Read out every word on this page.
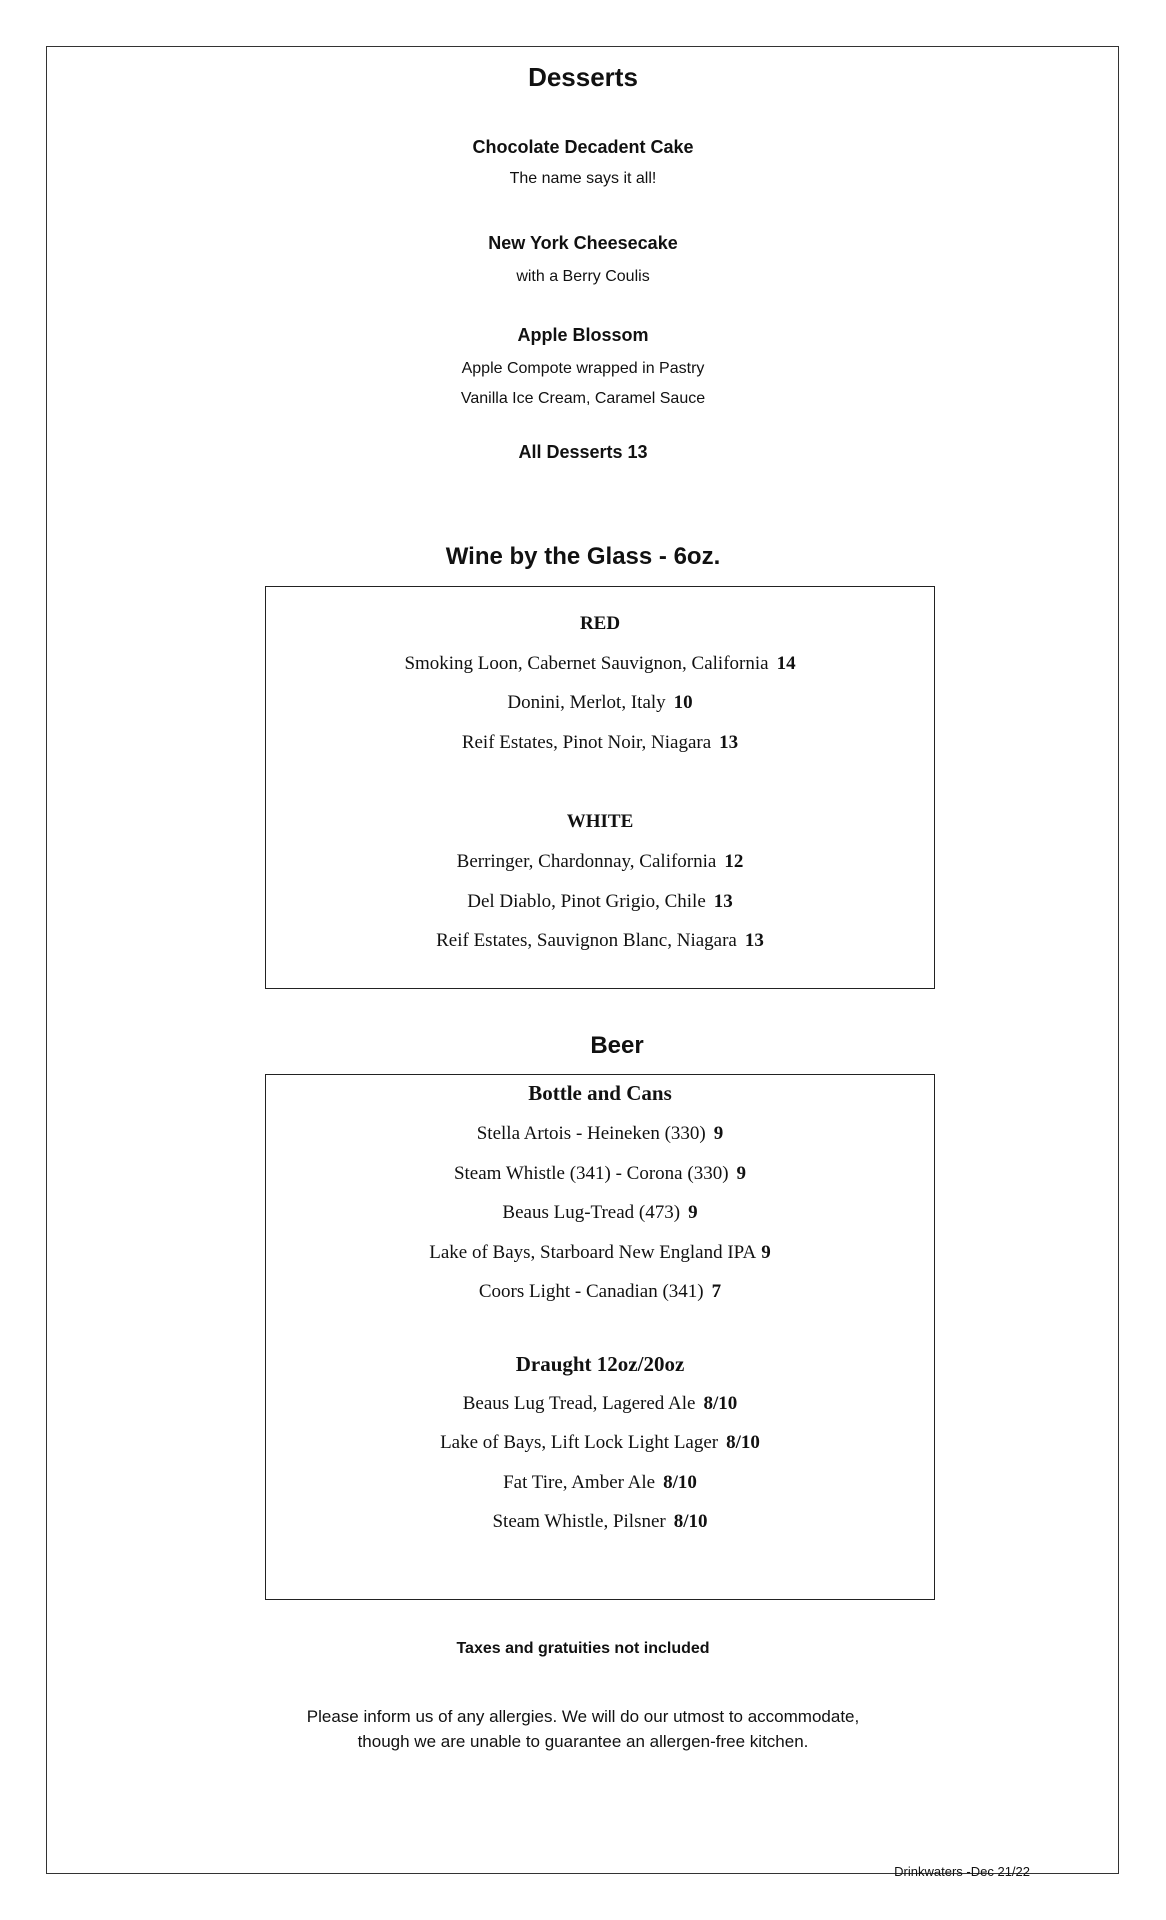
Desserts
Chocolate Decadent Cake
The name says it all!
New York Cheesecake
with a Berry Coulis
Apple Blossom
Apple Compote wrapped in Pastry
Vanilla Ice Cream, Caramel Sauce
All Desserts 13
Wine by the Glass - 6oz.
RED
Smoking Loon, Cabernet Sauvignon, California 14
Donini, Merlot, Italy 10
Reif Estates, Pinot Noir, Niagara 13
WHITE
Berringer, Chardonnay, California 12
Del Diablo, Pinot Grigio, Chile 13
Reif Estates, Sauvignon Blanc, Niagara 13
Beer
Bottle and Cans
Stella Artois - Heineken (330) 9
Steam Whistle (341) - Corona (330) 9
Beaus Lug-Tread (473) 9
Lake of Bays, Starboard New England IPA 9
Coors Light - Canadian (341) 7
Draught 12oz/20oz
Beaus Lug Tread, Lagered Ale 8/10
Lake of Bays, Lift Lock Light Lager 8/10
Fat Tire, Amber Ale 8/10
Steam Whistle, Pilsner 8/10
Taxes and gratuities not included
Please inform us of any allergies. We will do our utmost to accommodate,
though we are unable to guarantee an allergen-free kitchen.
Drinkwaters -Dec 21/22
